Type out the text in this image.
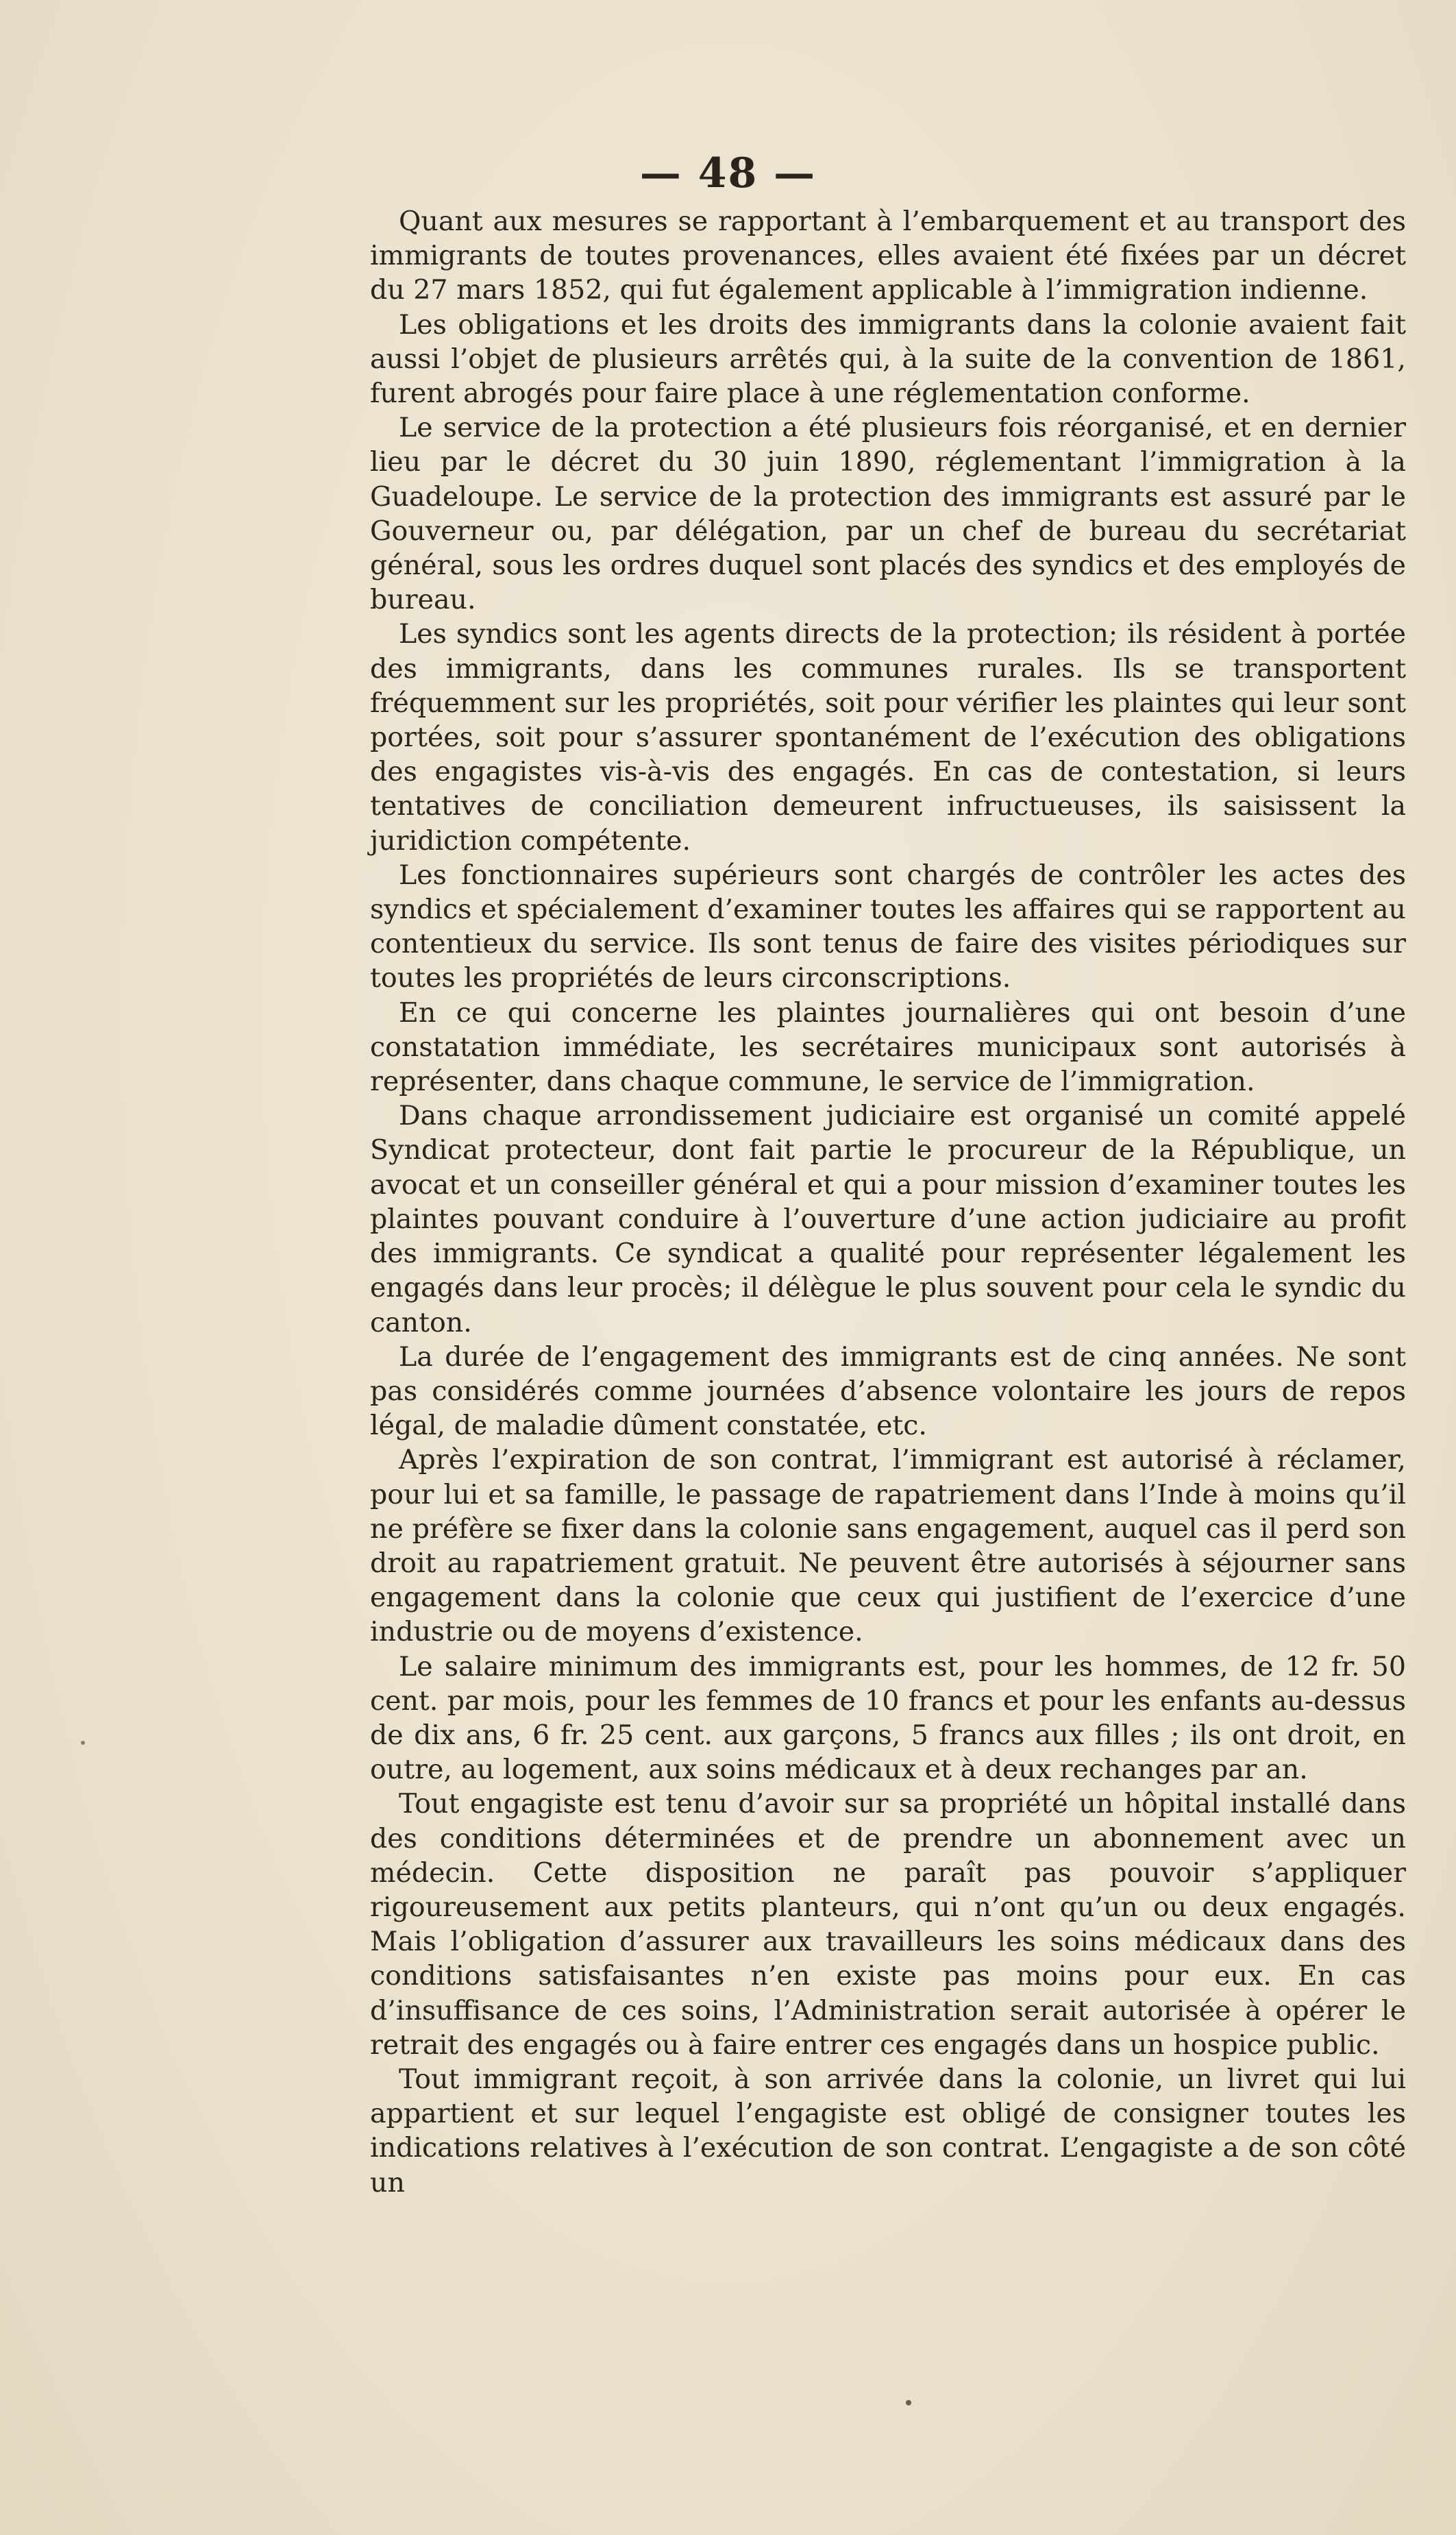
— 48 —

Quant aux mesures se rapportant à l’embarquement et au transport des immigrants de toutes provenances, elles avaient été fixées par un décret du 27 mars 1852, qui fut également applicable à l’immigration indienne.

Les obligations et les droits des immigrants dans la colonie avaient fait aussi l’objet de plusieurs arrêtés qui, à la suite de la convention de 1861, furent abrogés pour faire place à une réglementation conforme.

Le service de la protection a été plusieurs fois réorganisé, et en dernier lieu par le décret du 30 juin 1890, réglementant l’immigration à la Guadeloupe. Le service de la protection des immigrants est assuré par le Gouverneur ou, par délégation, par un chef de bureau du secrétariat général, sous les ordres duquel sont placés des syndics et des employés de bureau.

Les syndics sont les agents directs de la protection; ils résident à portée des immigrants, dans les communes rurales. Ils se transportent fréquemment sur les propriétés, soit pour vérifier les plaintes qui leur sont portées, soit pour s’assurer spontanément de l’exécution des obligations des engagistes vis-à-vis des engagés. En cas de contestation, si leurs tentatives de conciliation demeurent infructueuses, ils saisissent la juridiction compétente.

Les fonctionnaires supérieurs sont chargés de contrôler les actes des syndics et spécialement d’examiner toutes les affaires qui se rapportent au contentieux du service. Ils sont tenus de faire des visites périodiques sur toutes les propriétés de leurs circonscriptions.

En ce qui concerne les plaintes journalières qui ont besoin d’une constatation immédiate, les secrétaires municipaux sont autorisés à représenter, dans chaque commune, le service de l’immigration.

Dans chaque arrondissement judiciaire est organisé un comité appelé Syndicat protecteur, dont fait partie le procureur de la République, un avocat et un conseiller général et qui a pour mission d’examiner toutes les plaintes pouvant conduire à l’ouverture d’une action judiciaire au profit des immigrants. Ce syndicat a qualité pour représenter légalement les engagés dans leur procès; il délègue le plus souvent pour cela le syndic du canton.

La durée de l’engagement des immigrants est de cinq années. Ne sont pas considérés comme journées d’absence volontaire les jours de repos légal, de maladie dûment constatée, etc.

Après l’expiration de son contrat, l’immigrant est autorisé à réclamer, pour lui et sa famille, le passage de rapatriement dans l’Inde à moins qu’il ne préfère se fixer dans la colonie sans engagement, auquel cas il perd son droit au rapatriement gratuit. Ne peuvent être autorisés à séjourner sans engagement dans la colonie que ceux qui justifient de l’exercice d’une industrie ou de moyens d’existence.

Le salaire minimum des immigrants est, pour les hommes, de 12 fr. 50 cent. par mois, pour les femmes de 10 francs et pour les enfants au-dessus de dix ans, 6 fr. 25 cent. aux garçons, 5 francs aux filles ; ils ont droit, en outre, au logement, aux soins médicaux et à deux rechanges par an.

Tout engagiste est tenu d’avoir sur sa propriété un hôpital installé dans des conditions déterminées et de prendre un abonnement avec un médecin. Cette disposition ne paraît pas pouvoir s’appliquer rigoureusement aux petits planteurs, qui n’ont qu’un ou deux engagés. Mais l’obligation d’assurer aux travailleurs les soins médicaux dans des conditions satisfaisantes n’en existe pas moins pour eux. En cas d’insuffisance de ces soins, l’Administration serait autorisée à opérer le retrait des engagés ou à faire entrer ces engagés dans un hospice public.

Tout immigrant reçoit, à son arrivée dans la colonie, un livret qui lui appartient et sur lequel l’engagiste est obligé de consigner toutes les indications relatives à l’exécution de son contrat. L’engagiste a de son côté un
